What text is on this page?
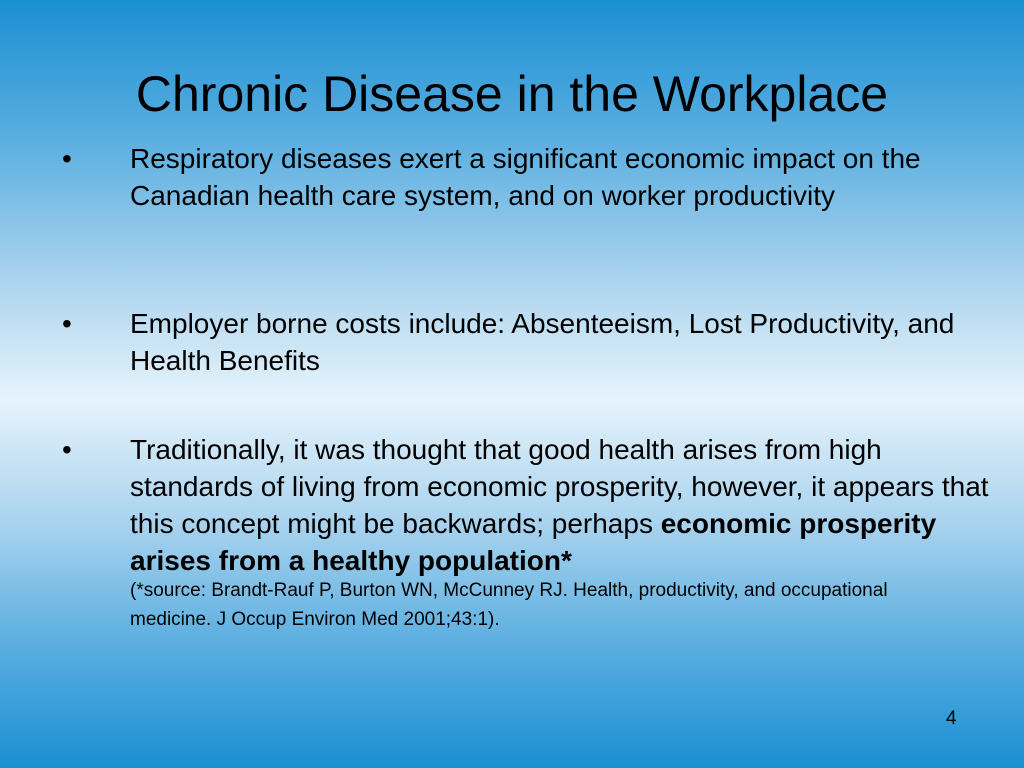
Chronic Disease in the Workplace
• Respiratory diseases exert a significant economic impact on the Canadian health care system, and on worker productivity
• Employer borne costs include: Absenteeism, Lost Productivity, and Health Benefits
• Traditionally, it was thought that good health arises from high standards of living from economic prosperity, however, it appears that this concept might be backwards; perhaps economic prosperity arises from a healthy population*
(*source: Brandt-Rauf P, Burton WN, McCunney RJ. Health, productivity, and occupational medicine. J Occup Environ Med 2001;43:1).
4
